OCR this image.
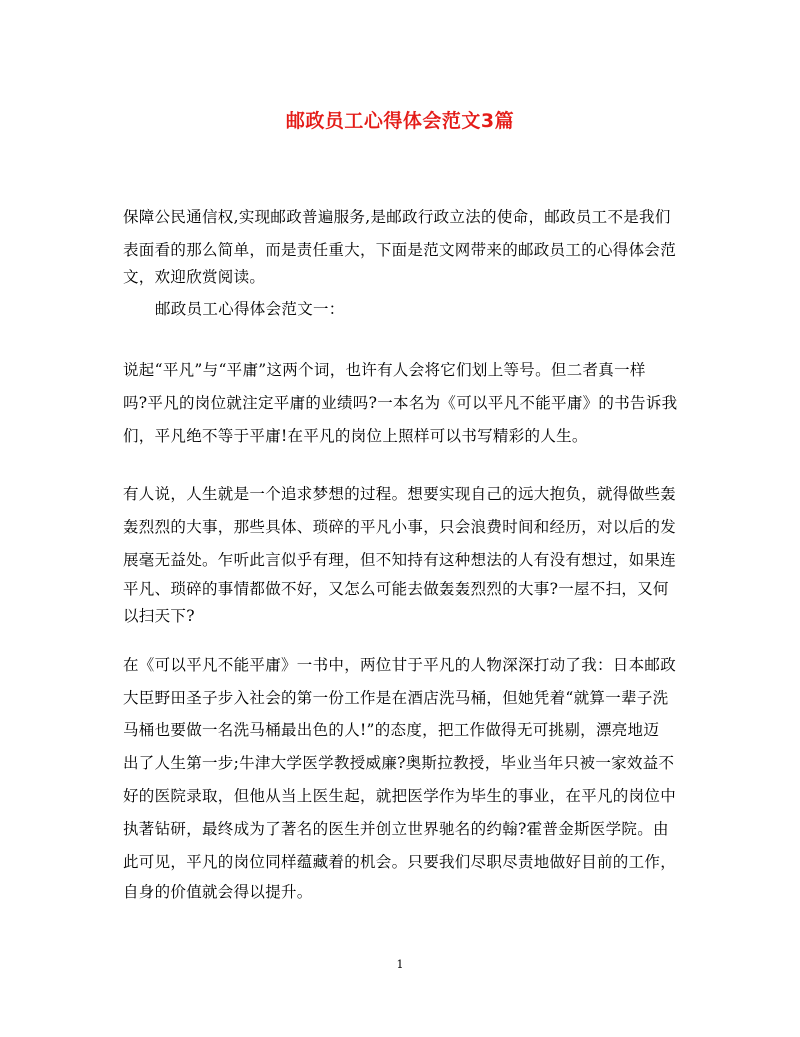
邮政员工心得体会范文3篇
保障公民通信权,实现邮政普遍服务,是邮政行政立法的使命，邮政员工不是我们
表面看的那么简单，而是责任重大，下面是范文网带来的邮政员工的心得体会范
文，欢迎欣赏阅读。
邮政员工心得体会范文一：
说起“平凡”与“平庸”这两个词，也许有人会将它们划上等号。但二者真一样
吗?平凡的岗位就注定平庸的业绩吗?一本名为《可以平凡不能平庸》的书告诉我
们，平凡绝不等于平庸!在平凡的岗位上照样可以书写精彩的人生。
有人说，人生就是一个追求梦想的过程。想要实现自己的远大抱负，就得做些轰
轰烈烈的大事，那些具体、琐碎的平凡小事，只会浪费时间和经历，对以后的发
展毫无益处。乍听此言似乎有理，但不知持有这种想法的人有没有想过，如果连
平凡、琐碎的事情都做不好，又怎么可能去做轰轰烈烈的大事?一屋不扫，又何
以扫天下?
在《可以平凡不能平庸》一书中，两位甘于平凡的人物深深打动了我：日本邮政
大臣野田圣子步入社会的第一份工作是在酒店洗马桶，但她凭着“就算一辈子洗
马桶也要做一名洗马桶最出色的人!”的态度，把工作做得无可挑剔，漂亮地迈
出了人生第一步;牛津大学医学教授威廉?奥斯拉教授，毕业当年只被一家效益不
好的医院录取，但他从当上医生起，就把医学作为毕生的事业，在平凡的岗位中
执著钻研，最终成为了著名的医生并创立世界驰名的约翰?霍普金斯医学院。由
此可见，平凡的岗位同样蕴藏着的机会。只要我们尽职尽责地做好目前的工作，
自身的价值就会得以提升。
1
